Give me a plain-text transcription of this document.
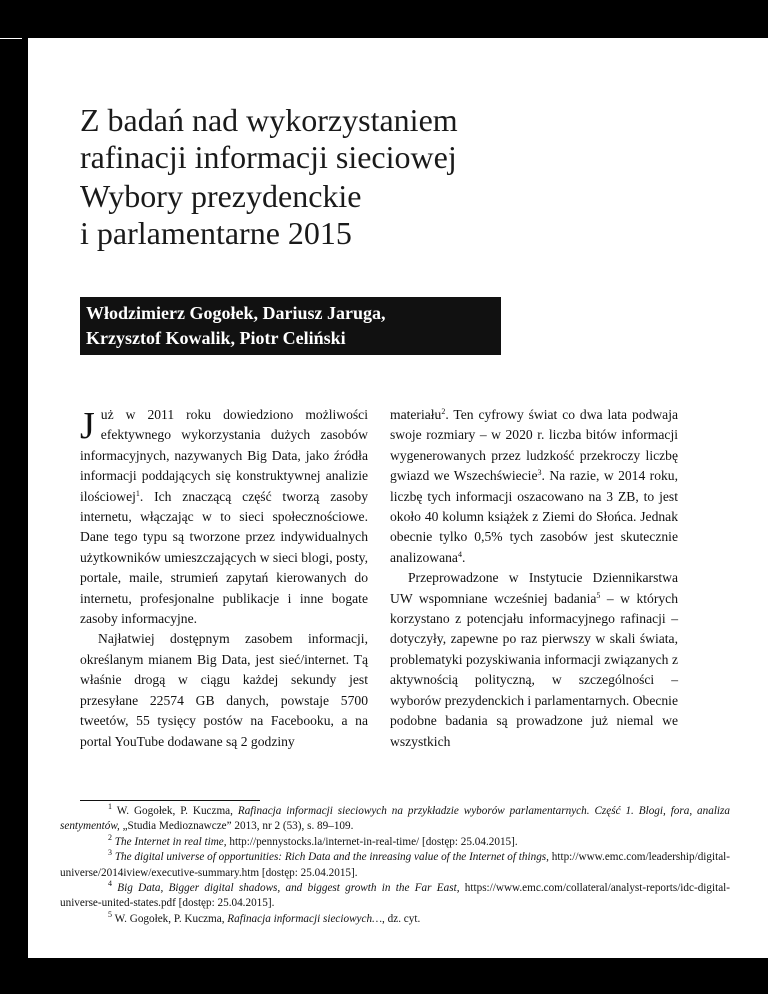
Z badań nad wykorzystaniem
rafinacji informacji sieciowej
Wybory prezydenckie
i parlamentarne 2015
Włodzimierz Gogołek, Dariusz Jaruga,
Krzysztof Kowalik, Piotr Celiński

Już w 2011 roku dowiedziono możliwości efektywnego wykorzystania dużych zasobów informacyjnych, nazywanych Big Data, jako źródła informacji poddających się konstruktywnej analizie ilościowej$^1$. Ich znaczącą część tworzą zasoby internetu, włączając w to sieci społecznościowe. Dane tego typu są tworzone przez indywidualnych użytkowników umieszczających w sieci blogi, posty, portale, maile, strumień zapytań kierowanych do internetu, profesjonalne publikacje i inne bogate zasoby informacyjne.

Najłatwiej dostępnym zasobem informacji, określanym mianem Big Data, jest sieć/internet. Tą właśnie drogą w ciągu każdej sekundy jest przesyłane 22574 GB danych, powstaje 5700 tweetów, 55 tysięcy postów na Facebooku, a na portal YouTube dodawane są 2 godziny

materiału$^2$. Ten cyfrowy świat co dwa lata podwaja swoje rozmiary – w 2020 r. liczba bitów informacji wygenerowanych przez ludzkość przekroczy liczbę gwiazd we Wszechświecie$^3$. Na razie, w 2014 roku, liczbę tych informacji oszacowano na 3 ZB, to jest około 40 kolumn książek z Ziemi do Słońca. Jednak obecnie tylko 0,5% tych zasobów jest skutecznie analizowana$^4$.

Przeprowadzone w Instytucie Dziennikarstwa UW wspomniane wcześniej badania$^5$ – w których korzystano z potencjału informacyjnego rafinacji – dotyczyły, zapewne po raz pierwszy w skali świata, problematyki pozyskiwania informacji związanych z aktywnością polityczną, w szczególności – wyborów prezydenckich i parlamentarnych. Obecnie podobne badania są prowadzone już niemal we wszystkich

$^1$ W. Gogołek, P. Kuczma, Rafinacja informacji sieciowych na przykładzie wyborów parlamentarnych. Część 1. Blogi, fora, analiza sentymentów, „Studia Medioznawcze” 2013, nr 2 (53), s. 89–109.

$^2$ The Internet in real time, http://pennystocks.la/internet-in-real-time/ [dostęp: 25.04.2015].

$^3$ The digital universe of opportunities: Rich Data and the inreasing value of the Internet of things, http://www.emc.com/leadership/digital-universe/2014iview/executive-summary.htm [dostęp: 25.04.2015].

$^4$ Big Data, Bigger digital shadows, and biggest growth in the Far East, https://www.emc.com/collateral/analyst-reports/idc-digital-universe-united-states.pdf [dostęp: 25.04.2015].

$^5$ W. Gogołek, P. Kuczma, Rafinacja informacji sieciowych…, dz. cyt.
